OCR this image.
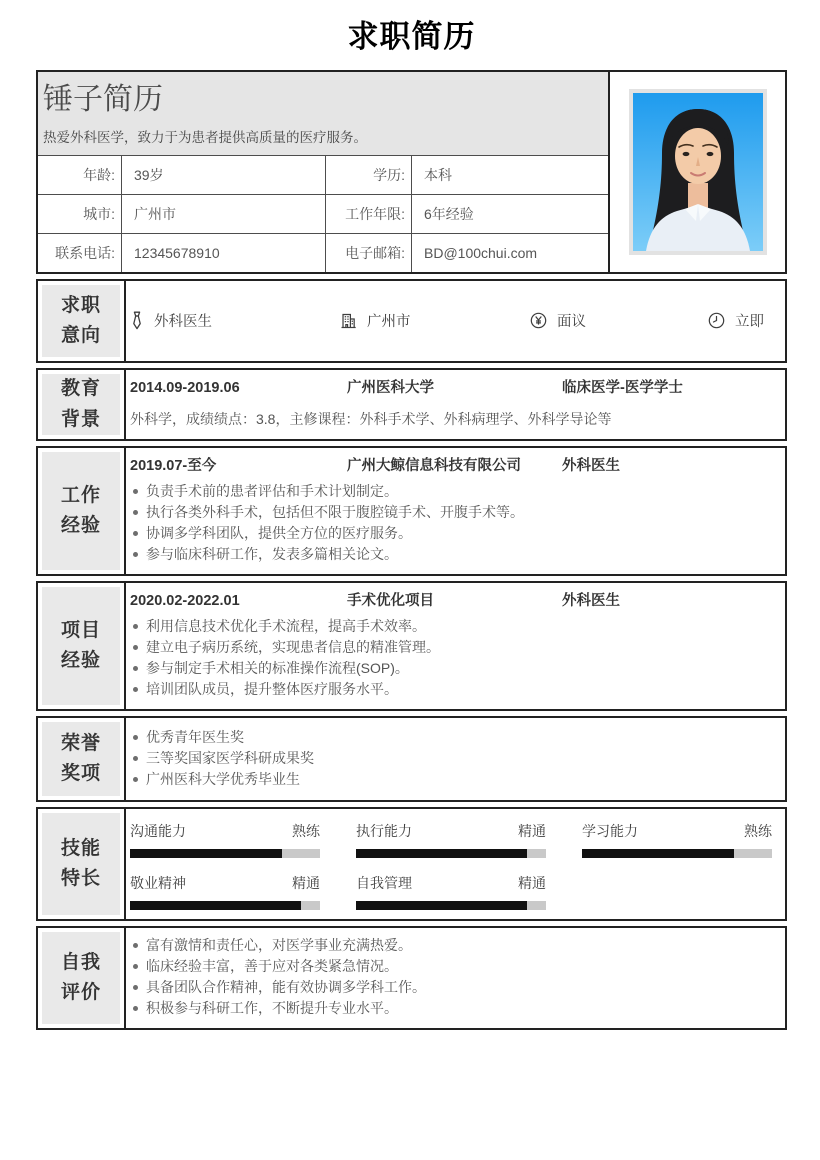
求职简历
锤子简历
热爱外科医学，致力于为患者提供高质量的医疗服务。
年龄:	39岁	学历:	本科
城市:	广州市	工作年限:	6年经验
联系电话:	12345678910	电子邮箱:	BD@100chui.com
求职
意向
外科医生	广州市	面议	立即
教育
背景
2014.09-2019.06	广州医科大学	临床医学-医学学士
外科学，成绩绩点：3.8，主修课程：外科手术学、外科病理学、外科学导论等
工作
经验
2019.07-至今	广州大鲸信息科技有限公司	外科医生
负责手术前的患者评估和手术计划制定。
执行各类外科手术，包括但不限于腹腔镜手术、开腹手术等。
协调多学科团队，提供全方位的医疗服务。
参与临床科研工作，发表多篇相关论文。
项目
经验
2020.02-2022.01	手术优化项目	外科医生
利用信息技术优化手术流程，提高手术效率。
建立电子病历系统，实现患者信息的精准管理。
参与制定手术相关的标准操作流程(SOP)。
培训团队成员，提升整体医疗服务水平。
荣誉
奖项
优秀青年医生奖
三等奖国家医学科研成果奖
广州医科大学优秀毕业生
技能
特长
沟通能力	熟练	执行能力	精通	学习能力	熟练
敬业精神	精通	自我管理	精通
自我
评价
富有激情和责任心，对医学事业充满热爱。
临床经验丰富，善于应对各类紧急情况。
具备团队合作精神，能有效协调多学科工作。
积极参与科研工作，不断提升专业水平。
